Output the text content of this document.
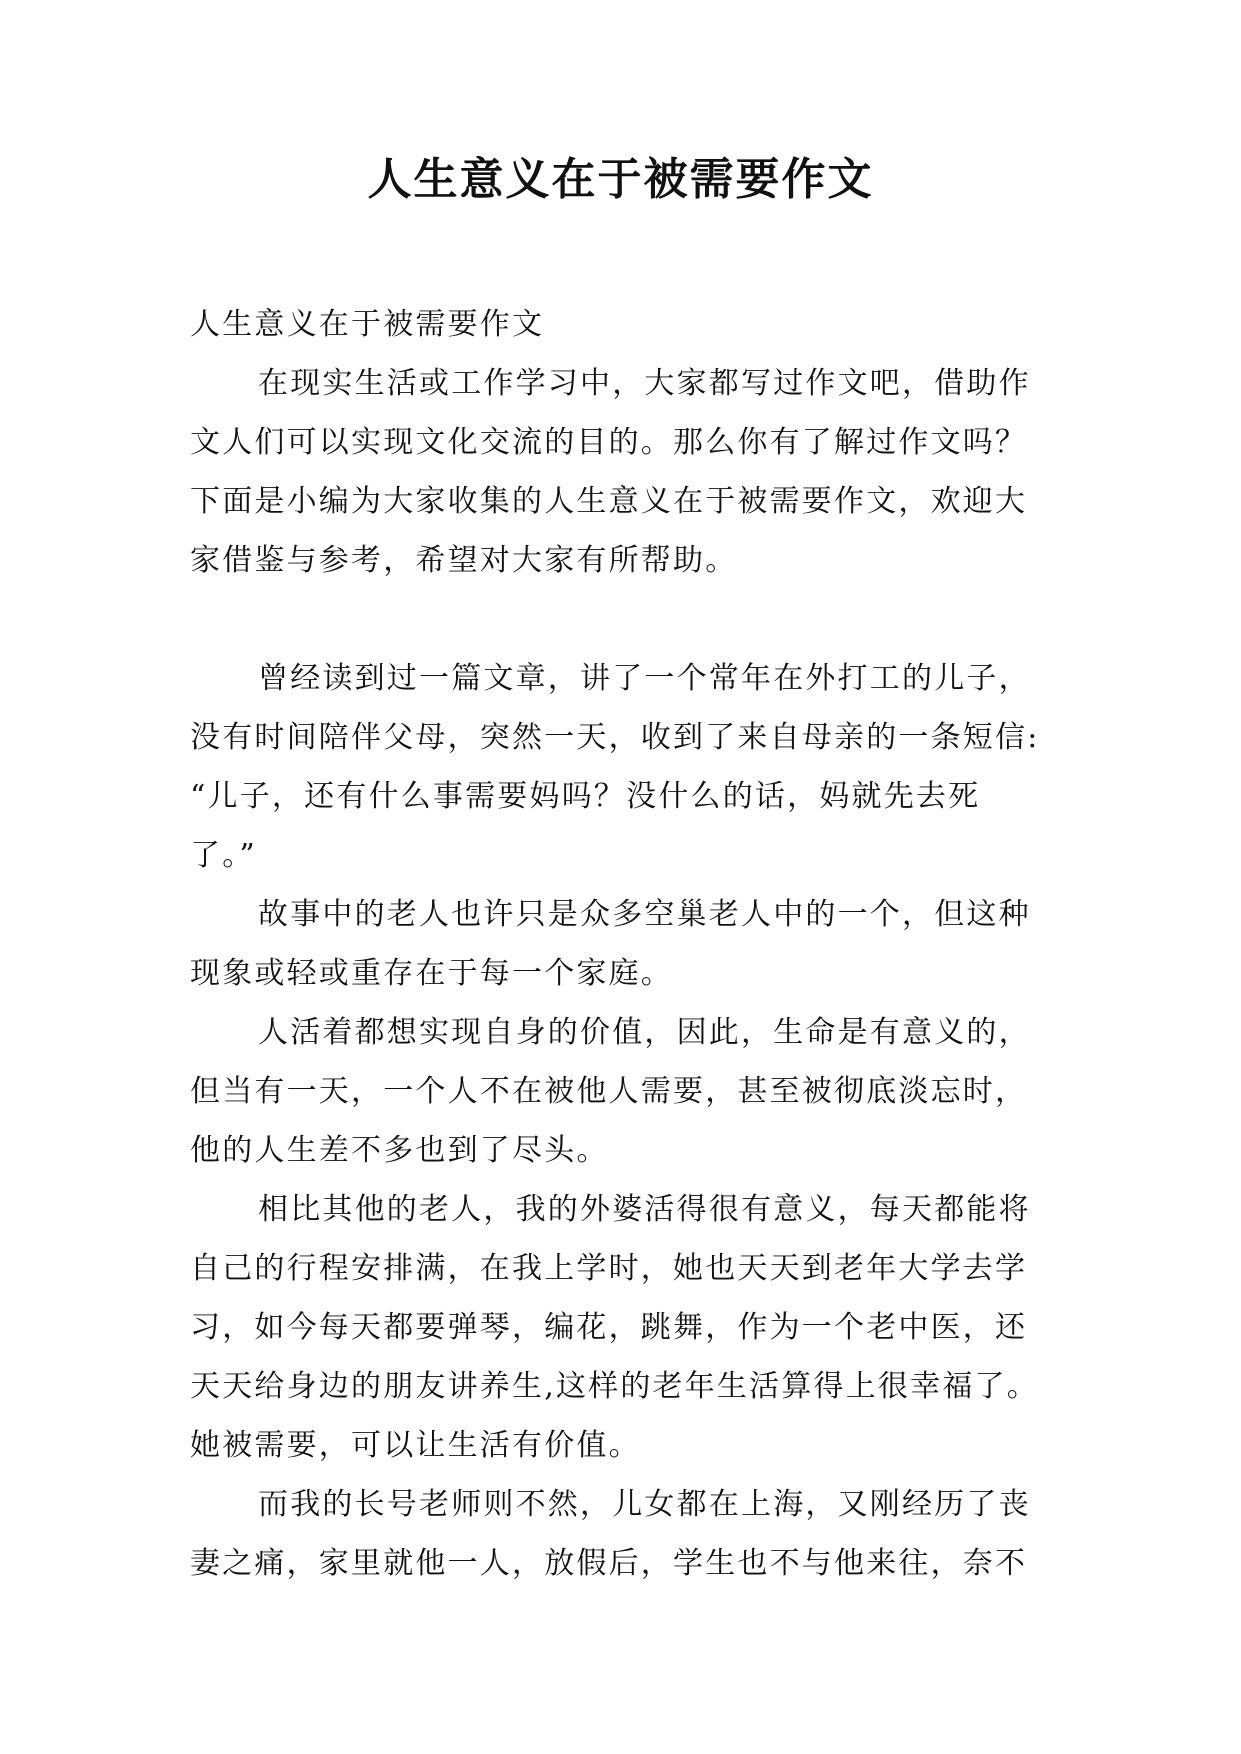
人生意义在于被需要作文
人生意义在于被需要作文
在现实生活或工作学习中，大家都写过作文吧，借助作
文人们可以实现文化交流的目的。那么你有了解过作文吗？
下面是小编为大家收集的人生意义在于被需要作文，欢迎大
家借鉴与参考，希望对大家有所帮助。
曾经读到过一篇文章，讲了一个常年在外打工的儿子，
没有时间陪伴父母，突然一天，收到了来自母亲的一条短信:
“儿子，还有什么事需要妈吗？没什么的话，妈就先去死
了。”
故事中的老人也许只是众多空巢老人中的一个，但这种
现象或轻或重存在于每一个家庭。
人活着都想实现自身的价值，因此，生命是有意义的，
但当有一天，一个人不在被他人需要，甚至被彻底淡忘时，
他的人生差不多也到了尽头。
相比其他的老人，我的外婆活得很有意义，每天都能将
自己的行程安排满，在我上学时，她也天天到老年大学去学
习，如今每天都要弹琴，编花，跳舞，作为一个老中医，还
天天给身边的朋友讲养生,这样的老年生活算得上很幸福了。
她被需要，可以让生活有价值。
而我的长号老师则不然，儿女都在上海，又刚经历了丧
妻之痛，家里就他一人，放假后，学生也不与他来往，奈不
